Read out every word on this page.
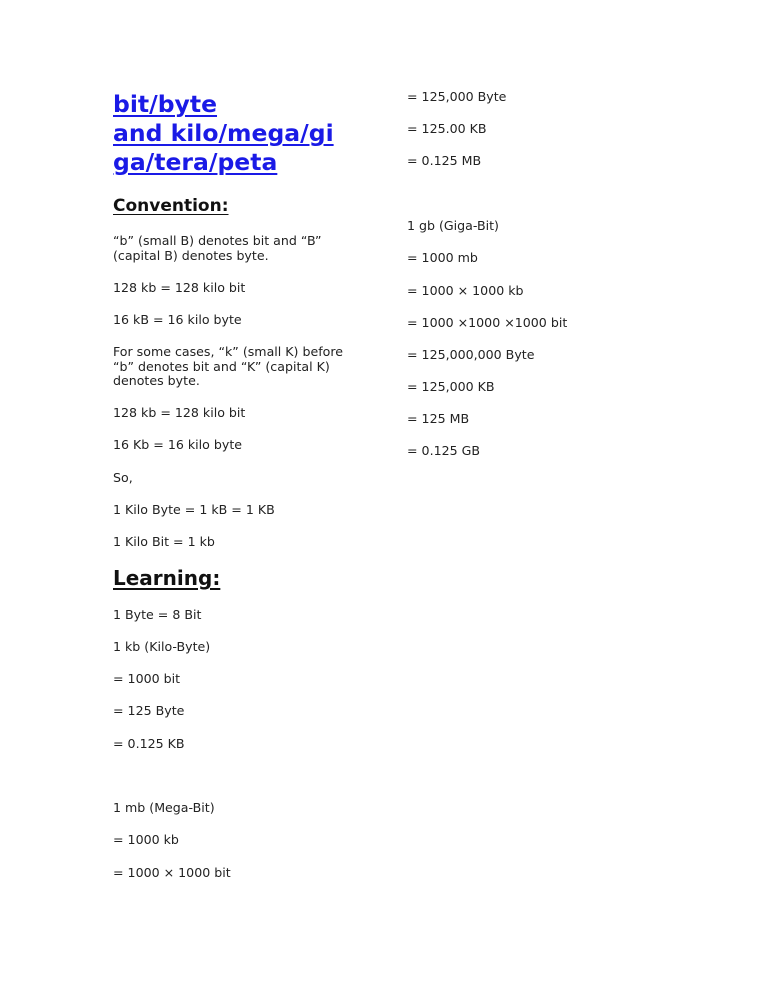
bit/byte
and kilo/mega/gi
ga/tera/peta
Convention:
“b” (small B) denotes bit and “B”
(capital B) denotes byte.
128 kb = 128 kilo bit
16 kB = 16 kilo byte
For some cases, “k” (small K) before
“b” denotes bit and “K” (capital K)
denotes byte.
128 kb = 128 kilo bit
16 Kb = 16 kilo byte
So,
1 Kilo Byte = 1 kB = 1 KB
1 Kilo Bit = 1 kb
Learning:
1 Byte = 8 Bit
1 kb (Kilo-Byte)
= 1000 bit
= 125 Byte
= 0.125 KB
1 mb (Mega-Bit)
= 1000 kb
= 1000 × 1000 bit
= 125,000 Byte
= 125.00 KB
= 0.125 MB
1 gb (Giga-Bit)
= 1000 mb
= 1000 × 1000 kb
= 1000 ×1000 ×1000 bit
= 125,000,000 Byte
= 125,000 KB
= 125 MB
= 0.125 GB
